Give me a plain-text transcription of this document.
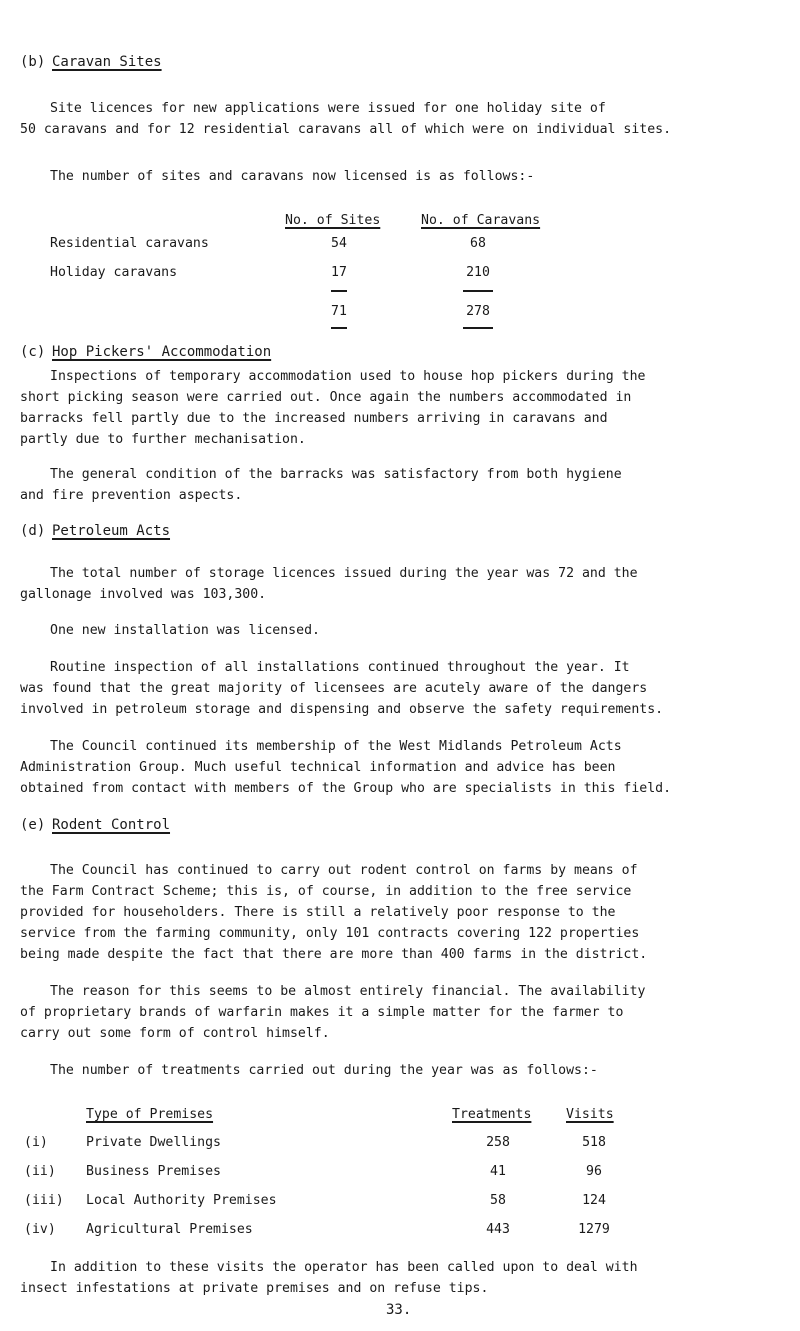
(b) Caravan Sites
Site licences for new applications were issued for one holiday site of
50 caravans and for 12 residential caravans all of which were on individual sites.
The number of sites and caravans now licensed is as follows:-
No. of Sites	No. of Caravans
Residential caravans	54	68
Holiday caravans	17	210
71	278
(c) Hop Pickers' Accommodation
Inspections of temporary accommodation used to house hop pickers during the
short picking season were carried out. Once again the numbers accommodated in
barracks fell partly due to the increased numbers arriving in caravans and
partly due to further mechanisation.
The general condition of the barracks was satisfactory from both hygiene
and fire prevention aspects.
(d) Petroleum Acts
The total number of storage licences issued during the year was 72 and the
gallonage involved was 103,300.
One new installation was licensed.
Routine inspection of all installations continued throughout the year. It
was found that the great majority of licensees are acutely aware of the dangers
involved in petroleum storage and dispensing and observe the safety requirements.
The Council continued its membership of the West Midlands Petroleum Acts
Administration Group. Much useful technical information and advice has been
obtained from contact with members of the Group who are specialists in this field.
(e) Rodent Control
The Council has continued to carry out rodent control on farms by means of
the Farm Contract Scheme; this is, of course, in addition to the free service
provided for householders. There is still a relatively poor response to the
service from the farming community, only 101 contracts covering 122 properties
being made despite the fact that there are more than 400 farms in the district.
The reason for this seems to be almost entirely financial. The availability
of proprietary brands of warfarin makes it a simple matter for the farmer to
carry out some form of control himself.
The number of treatments carried out during the year was as follows:-
Type of Premises	Treatments	Visits
(i)	Private Dwellings	258	518
(ii) Business Premises	41	96
(iii) Local Authority Premises	58	124
(iv) Agricultural Premises	443	1279
In addition to these visits the operator has been called upon to deal with
insect infestations at private premises and on refuse tips.
33.
